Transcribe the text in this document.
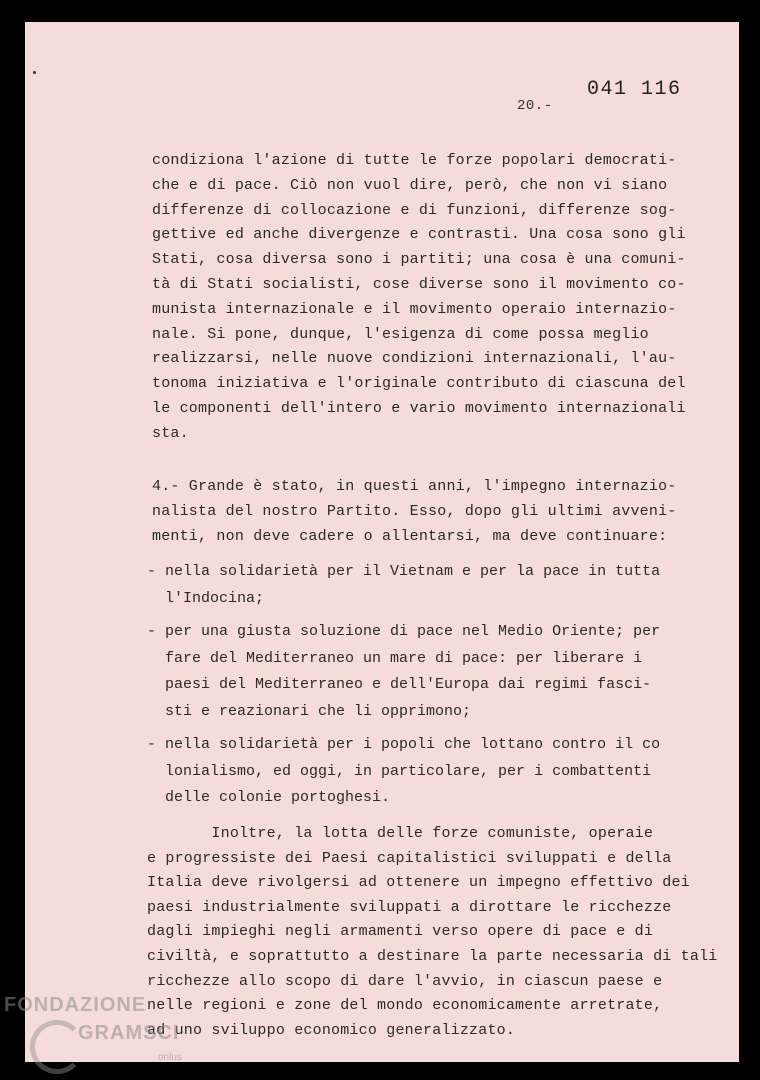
20.-
041 116
condiziona l'azione di tutte le forze popolari democrati-
che e di pace. Ciò non vuol dire, però, che non vi siano
differenze di collocazione e di funzioni, differenze sog-
gettive ed anche divergenze e contrasti. Una cosa sono gli
Stati, cosa diversa sono i partiti; una cosa è una comuni-
tà di Stati socialisti, cose diverse sono il movimento co-
munista internazionale e il movimento operaio internazio-
nale. Si pone, dunque, l'esigenza di come possa meglio
realizzarsi, nelle nuove condizioni internazionali, l'au-
tonoma iniziativa e l'originale contributo di ciascuna del
le componenti dell'intero e vario movimento internazionali
sta.
4.- Grande è stato, in questi anni, l'impegno internazio-
nalista del nostro Partito. Esso, dopo gli ultimi avveni-
menti, non deve cadere o allentarsi, ma deve continuare:
- nella solidarietà per il Vietnam e per la pace in tutta
l'Indocina;
- per una giusta soluzione di pace nel Medio Oriente; per
fare del Mediterraneo un mare di pace: per liberare i
paesi del Mediterraneo e dell'Europa dai regimi fasci-
sti e reazionari che li opprimono;
- nella solidarietà per i popoli che lottano contro il co
lonialismo, ed oggi, in particolare, per i combattenti
delle colonie portoghesi.
Inoltre, la lotta delle forze comuniste, operaie
e progressiste dei Paesi capitalistici sviluppati e della
Italia deve rivolgersi ad ottenere un impegno effettivo dei
paesi industrialmente sviluppati a dirottare le ricchezze
dagli impieghi negli armamenti verso opere di pace e di
civiltà, e soprattutto a destinare la parte necessaria di tali
ricchezze allo scopo di dare l'avvio, in ciascun paese e
nelle regioni e zone del mondo economicamente arretrate,
ad uno sviluppo economico generalizzato.
FONDAZIONE
GRAMSCI
onlus
